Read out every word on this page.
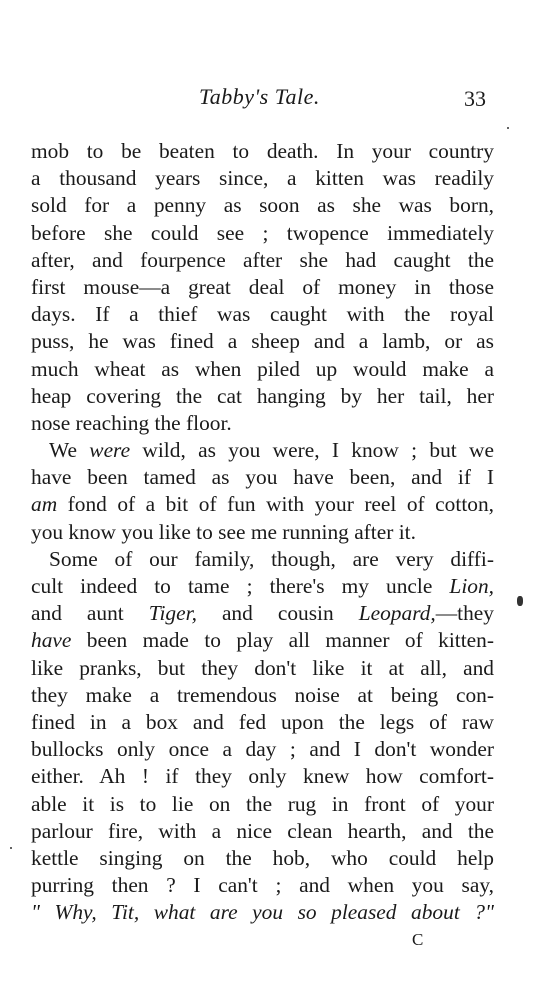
Tabby's Tale.	33
mob to be beaten to death. In your country
a thousand years since, a kitten was readily
sold for a penny as soon as she was born,
before she could see ; twopence immediately
after, and fourpence after she had caught the
first mouse—a great deal of money in those
days. If a thief was caught with the royal
puss, he was fined a sheep and a lamb, or as
much wheat as when piled up would make a
heap covering the cat hanging by her tail, her
nose reaching the floor.
We were wild, as you were, I know ; but we
have been tamed as you have been, and if I
am fond of a bit of fun with your reel of cotton,
you know you like to see me running after it.
Some of our family, though, are very diffi-
cult indeed to tame ; there's my uncle Lion,
and aunt Tiger, and cousin Leopard,—they
have been made to play all manner of kitten-
like pranks, but they don't like it at all, and
they make a tremendous noise at being con-
fined in a box and fed upon the legs of raw
bullocks only once a day ; and I don't wonder
either. Ah ! if they only knew how comfort-
able it is to lie on the rug in front of your
parlour fire, with a nice clean hearth, and the
kettle singing on the hob, who could help
purring then ? I can't ; and when you say,
" Why, Tit, what are you so pleased about ?"
C
